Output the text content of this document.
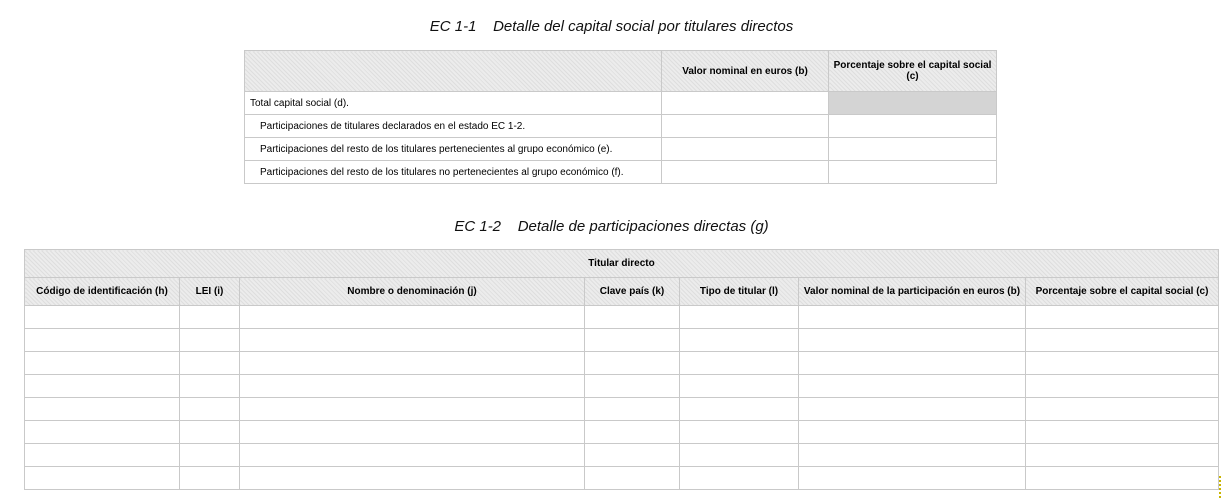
EC 1-1    Detalle del capital social por titulares directos
	Valor nominal en euros (b)	Porcentaje sobre el capital social (c)
Total capital social (d).		
Participaciones de titulares declarados en el estado EC 1-2.		
Participaciones del resto de los titulares pertenecientes al grupo económico (e).		
Participaciones del resto de los titulares no pertenecientes al grupo económico (f).		
EC 1-2    Detalle de participaciones directas (g)
Titular directo						
Código de identificación (h)	LEI (i)	Nombre o denominación (j)	Clave país (k)	Tipo de titular (l)	Valor nominal de la participación en euros (b)	Porcentaje sobre el capital social (c)
